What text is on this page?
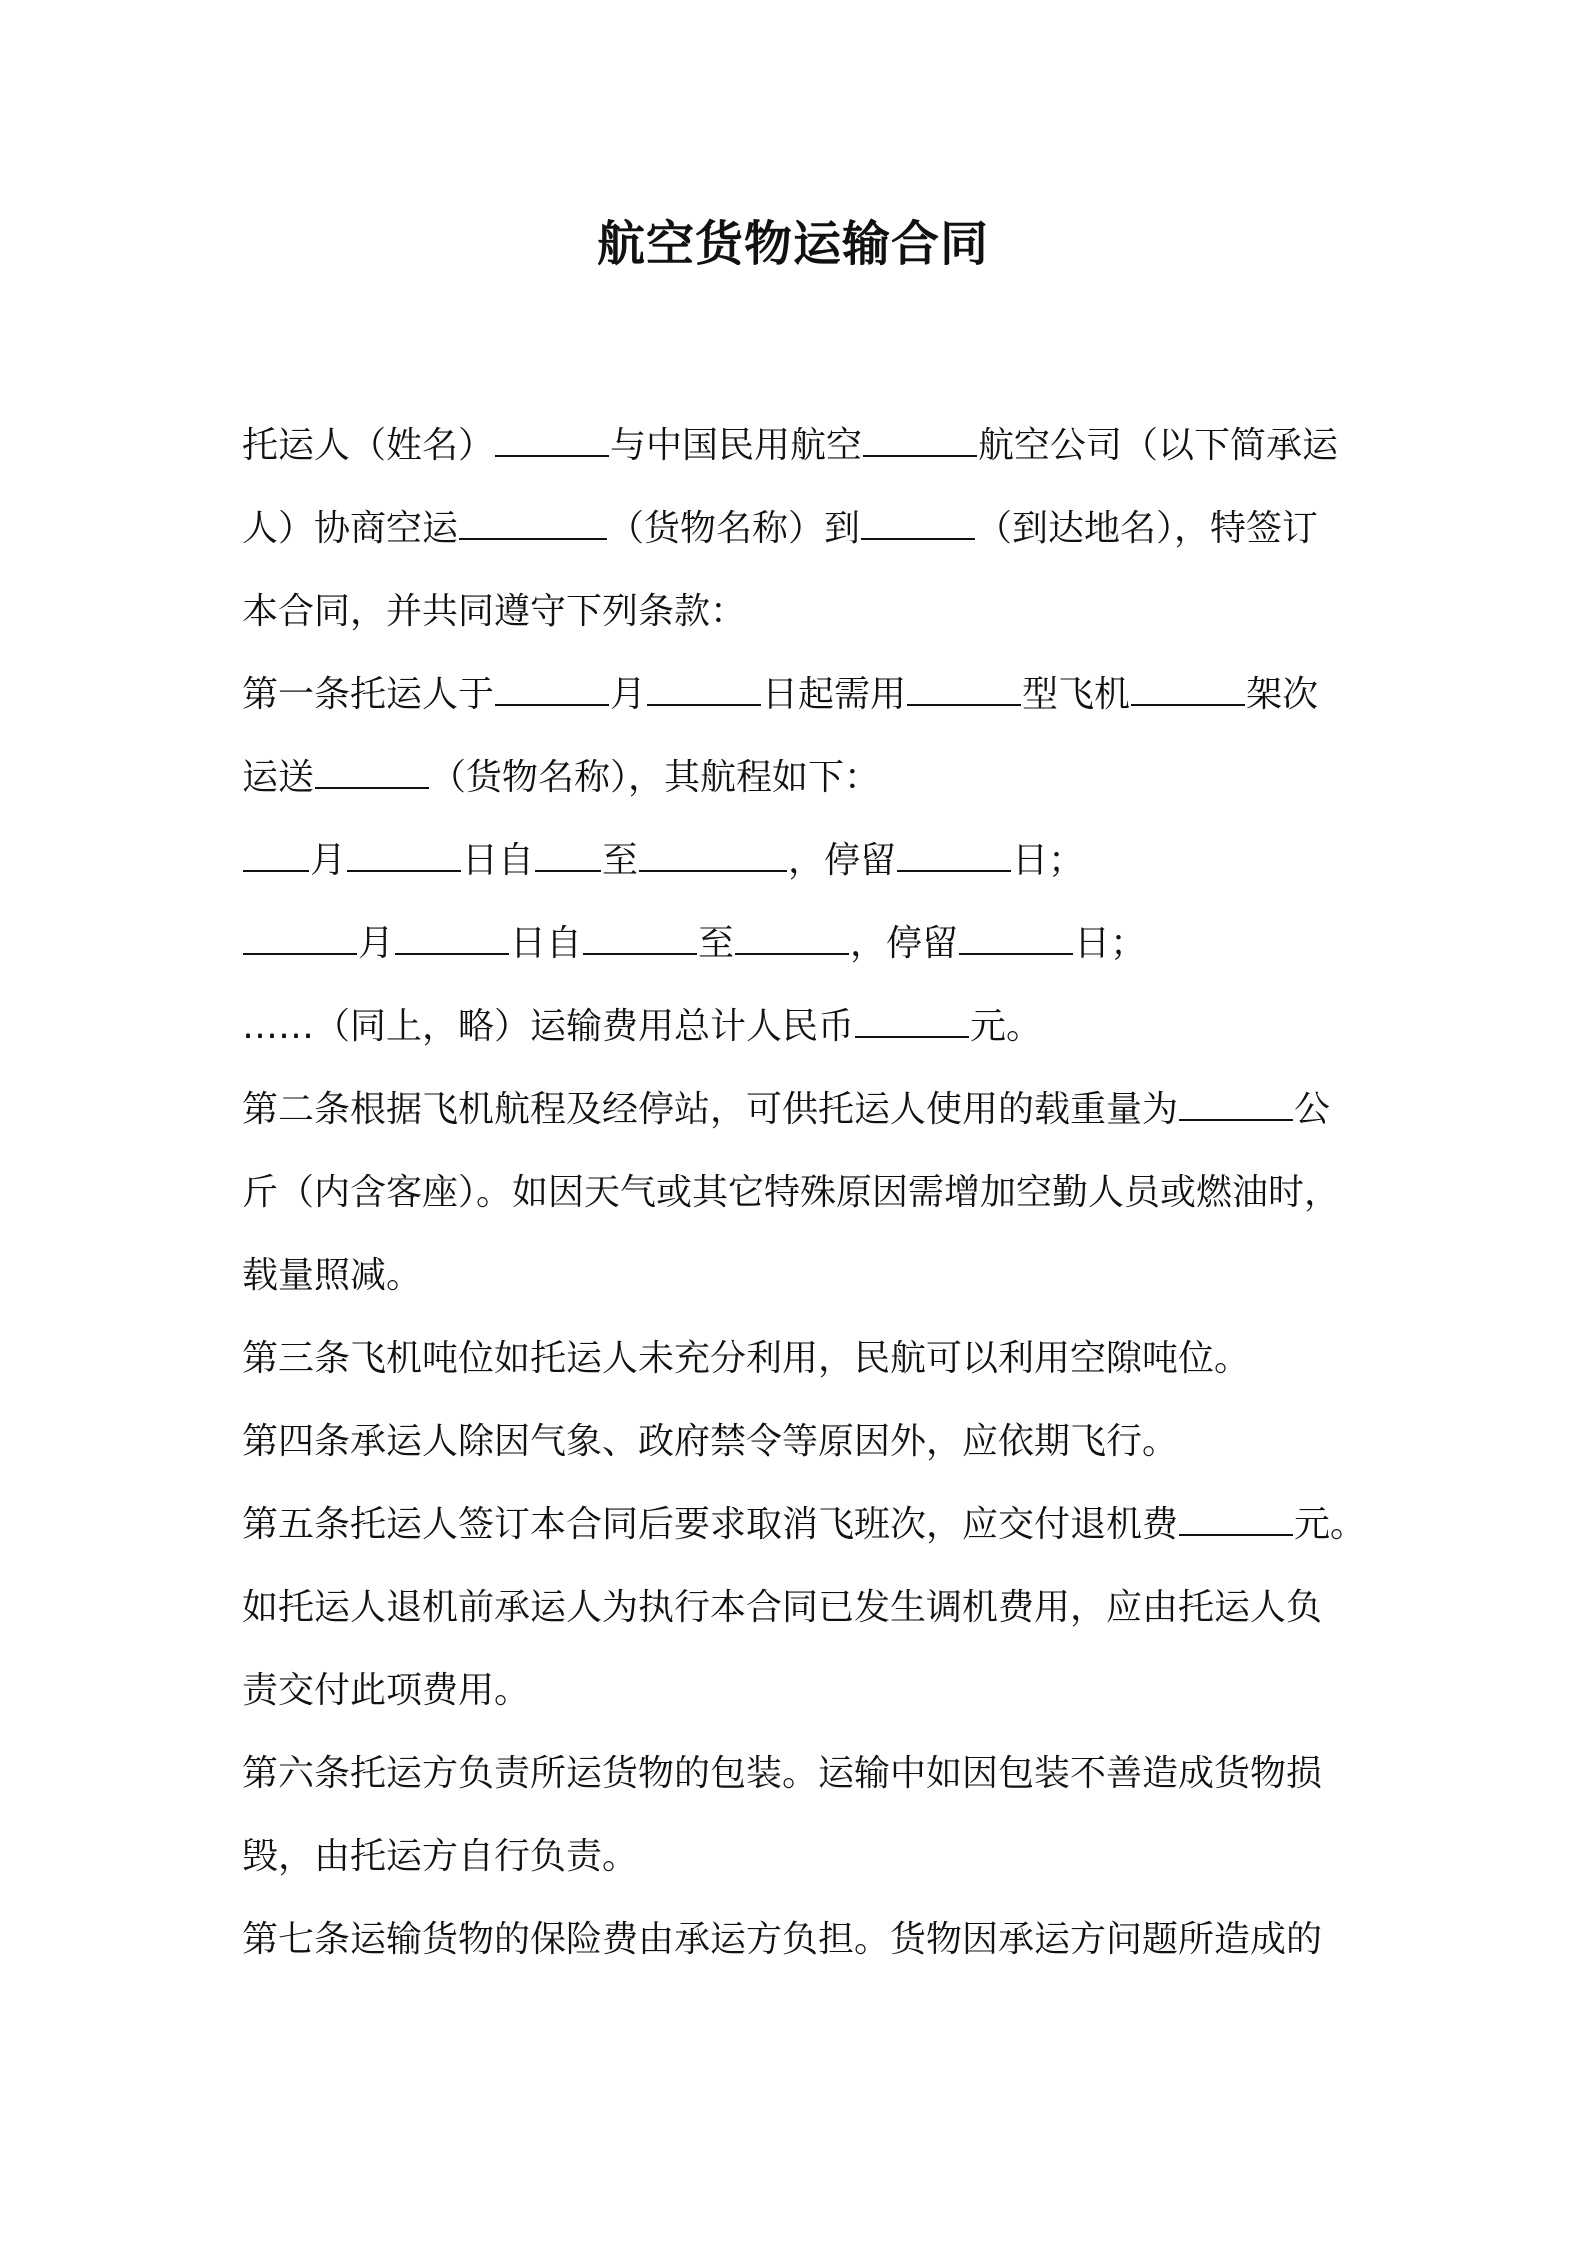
航空货物运输合同
托运人（姓名）	与中国民用航空	航空公司（以下简承运
人）协商空运	（货物名称）到	（到达地名），特签订
本合同，并共同遵守下列条款：
第一条托运人于	月	日起需用	型飞机	架次
运送	（货物名称），其航程如下：
月	日自 至	，停留	日；
月	日自	至	，停留	日；
……（同上，略）运输费用总计人民币	元。
第二条根据飞机航程及经停站，可供托运人使用的载重量为	公
斤（内含客座）。如因天气或其它特殊原因需增加空勤人员或燃油时，
载量照减。
第三条飞机吨位如托运人未充分利用，民航可以利用空隙吨位。
第四条承运人除因气象、政府禁令等原因外，应依期飞行。
第五条托运人签订本合同后要求取消飞班次，应交付退机费	元。
如托运人退机前承运人为执行本合同已发生调机费用，应由托运人负
责交付此项费用。
第六条托运方负责所运货物的包装。运输中如因包装不善造成货物损
毁，由托运方自行负责。
第七条运输货物的保险费由承运方负担。货物因承运方问题所造成的
